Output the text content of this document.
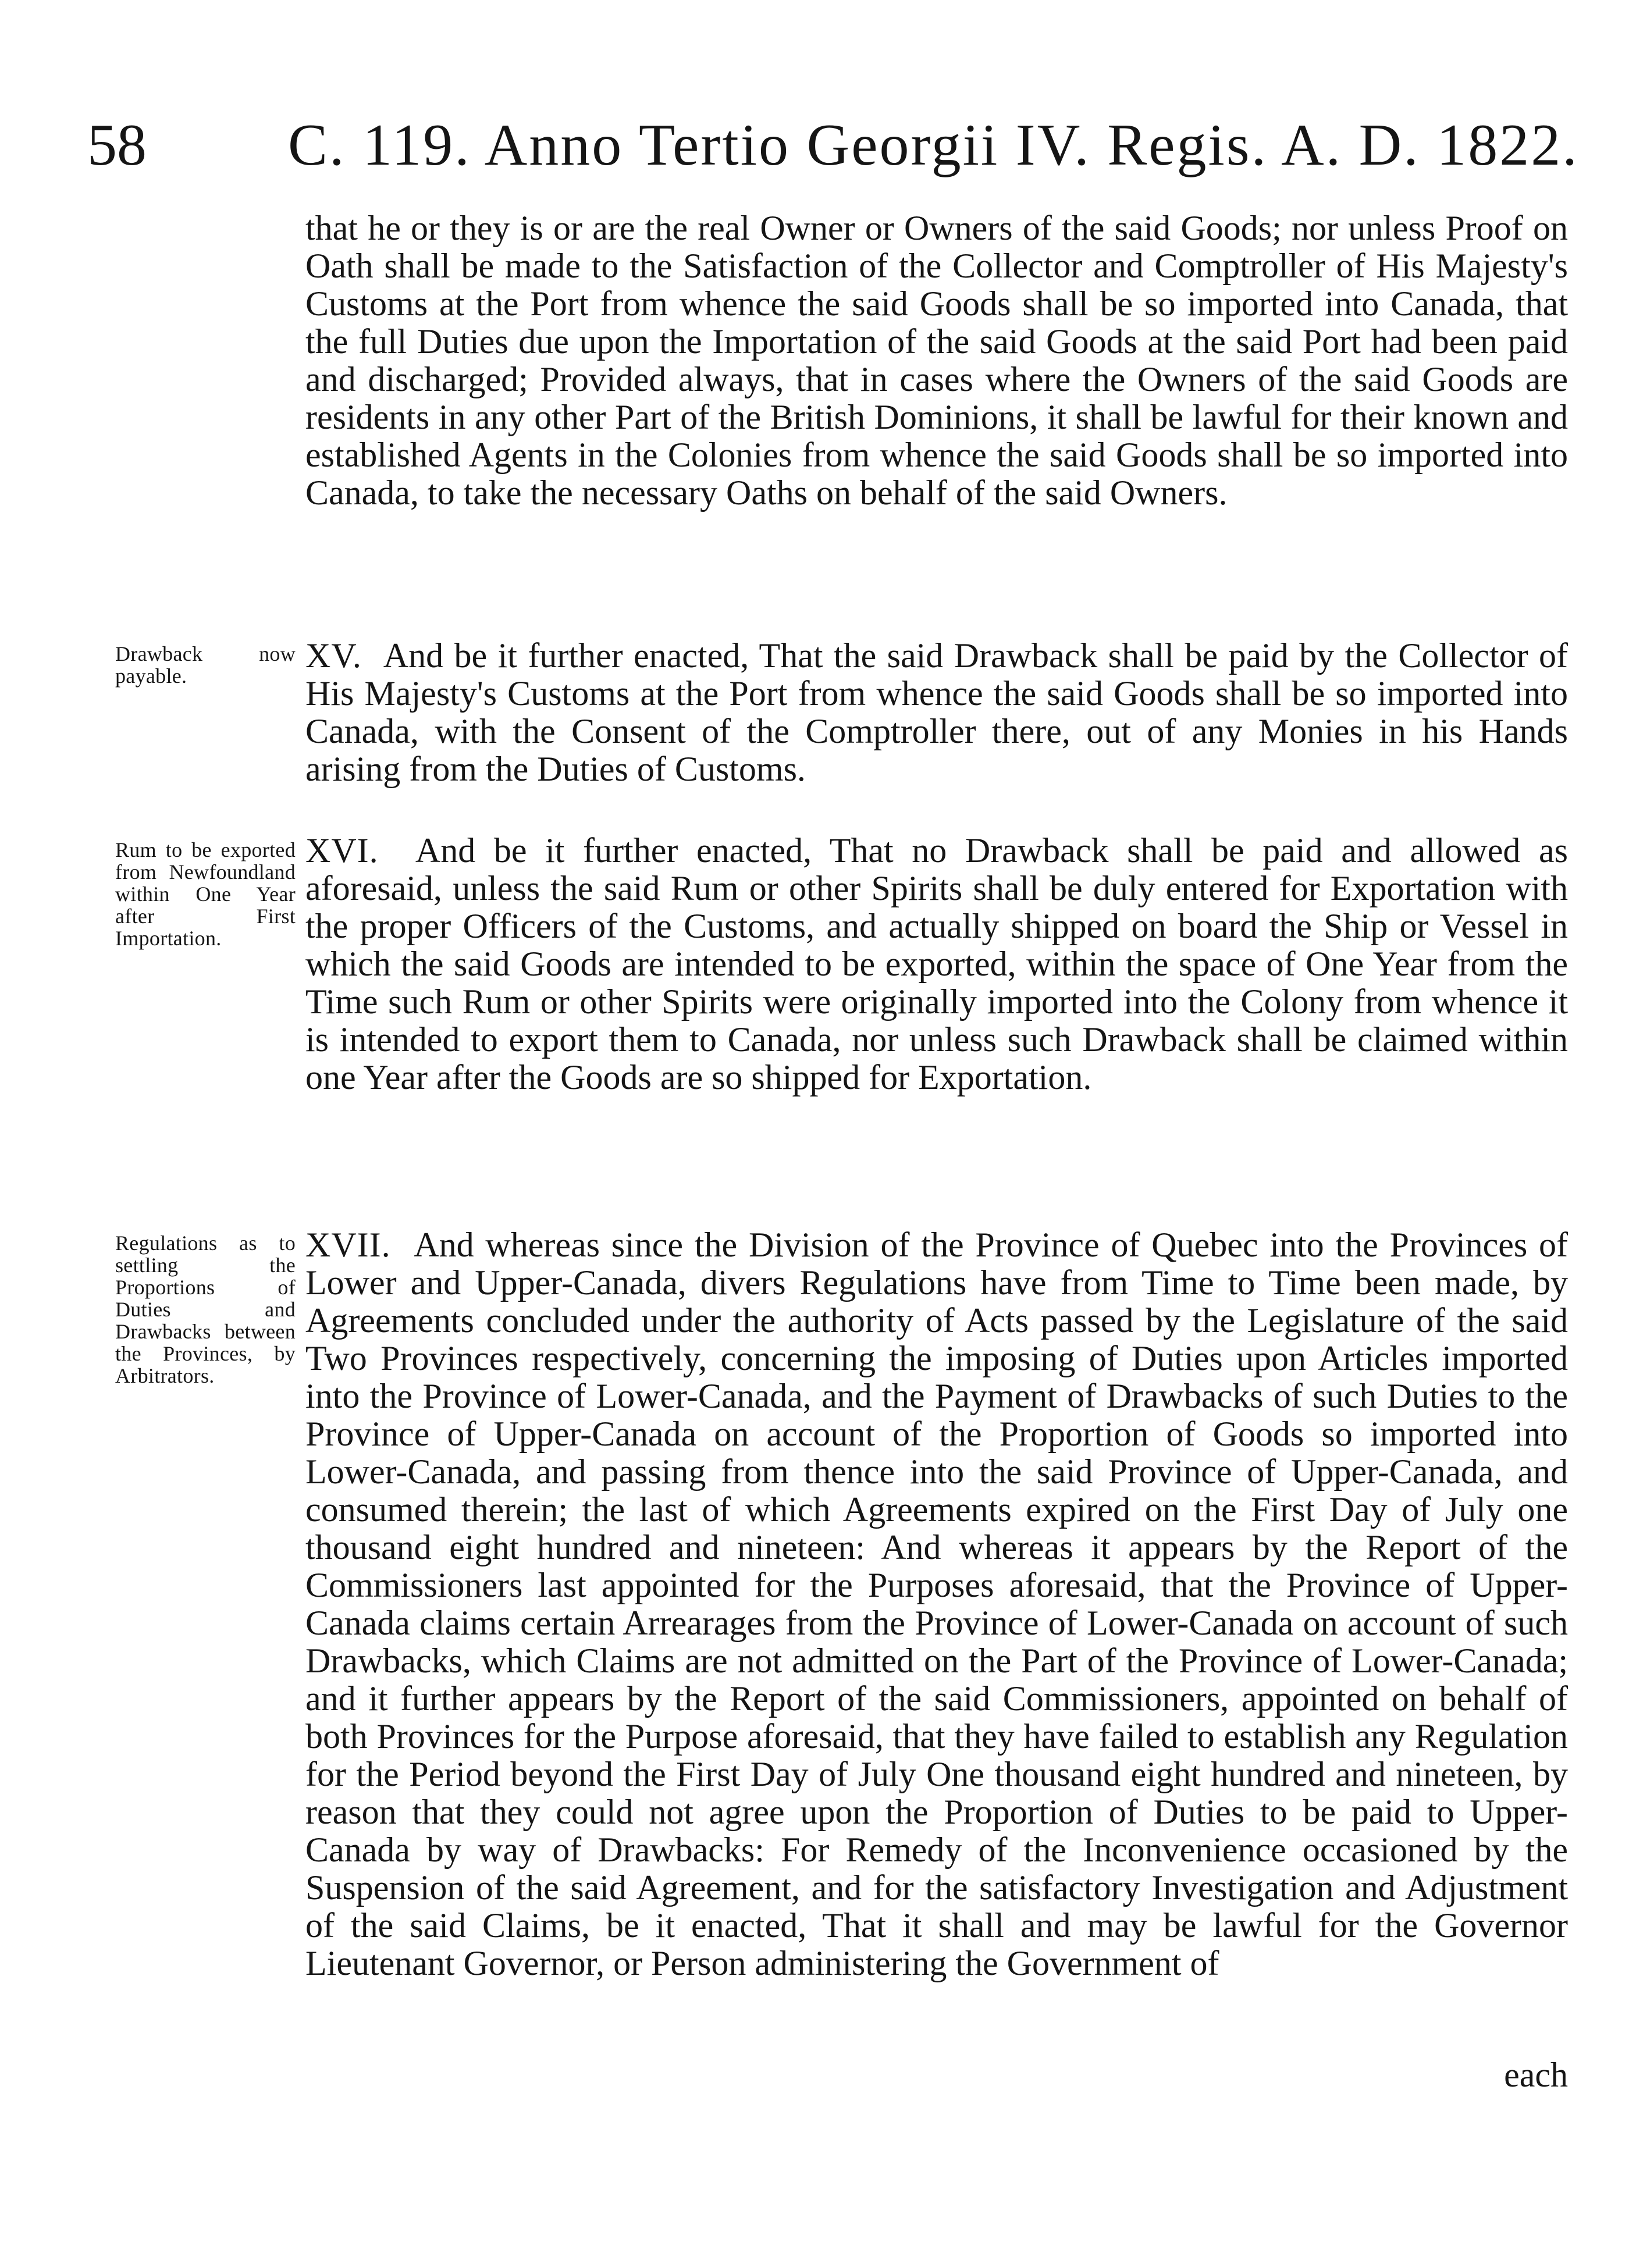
58 C. 119. Anno Tertio Georgii IV. Regis. A. D. 1822.

that he or they is or are the real Owner or Owners of the said Goods; nor unless Proof on Oath shall be made to the Satisfaction of the Collector and Comptroller of His Majesty's Customs at the Port from whence the said Goods shall be so imported into Canada, that the full Duties due upon the Importation of the said Goods at the said Port had been paid and discharged; Provided always, that in cases where the Owners of the said Goods are residents in any other Part of the British Dominions, it shall be lawful for their known and established Agents in the Colonies from whence the said Goods shall be so imported into Canada, to take the necessary Oaths on behalf of the said Owners.

Drawback now payable.

XV. And be it further enacted, That the said Drawback shall be paid by the Collector of His Majesty's Customs at the Port from whence the said Goods shall be so imported into Canada, with the Consent of the Comptroller there, out of any Monies in his Hands arising from the Duties of Customs.

Rum to be exported from Newfoundland within One Year after First Importation.

XVI. And be it further enacted, That no Drawback shall be paid and allowed as aforesaid, unless the said Rum or other Spirits shall be duly entered for Exportation with the proper Officers of the Customs, and actually shipped on board the Ship or Vessel in which the said Goods are intended to be exported, within the space of One Year from the Time such Rum or other Spirits were originally imported into the Colony from whence it is intended to export them to Canada, nor unless such Drawback shall be claimed within one Year after the Goods are so shipped for Exportation.

Regulations as to settling the Proportions of Duties and Drawbacks between the Provinces, by Arbitrators.

XVII. And whereas since the Division of the Province of Quebec into the Provinces of Lower and Upper-Canada, divers Regulations have from Time to Time been made, by Agreements concluded under the authority of Acts passed by the Legislature of the said Two Provinces respectively, concerning the imposing of Duties upon Articles imported into the Province of Lower-Canada, and the Payment of Drawbacks of such Duties to the Province of Upper-Canada on account of the Proportion of Goods so imported into Lower-Canada, and passing from thence into the said Province of Upper-Canada, and consumed therein; the last of which Agreements expired on the First Day of July one thousand eight hundred and nineteen: And whereas it appears by the Report of the Commissioners last appointed for the Purposes aforesaid, that the Province of Upper-Canada claims certain Arrearages from the Province of Lower-Canada on account of such Drawbacks, which Claims are not admitted on the Part of the Province of Lower-Canada; and it further appears by the Report of the said Commissioners, appointed on behalf of both Provinces for the Purpose aforesaid, that they have failed to establish any Regulation for the Period beyond the First Day of July One thousand eight hundred and nineteen, by reason that they could not agree upon the Proportion of Duties to be paid to Upper-Canada by way of Drawbacks: For Remedy of the Inconvenience occasioned by the Suspension of the said Agreement, and for the satisfactory Investigation and Adjustment of the said Claims, be it enacted, That it shall and may be lawful for the Governor Lieutenant Governor, or Person administering the Government of

each
